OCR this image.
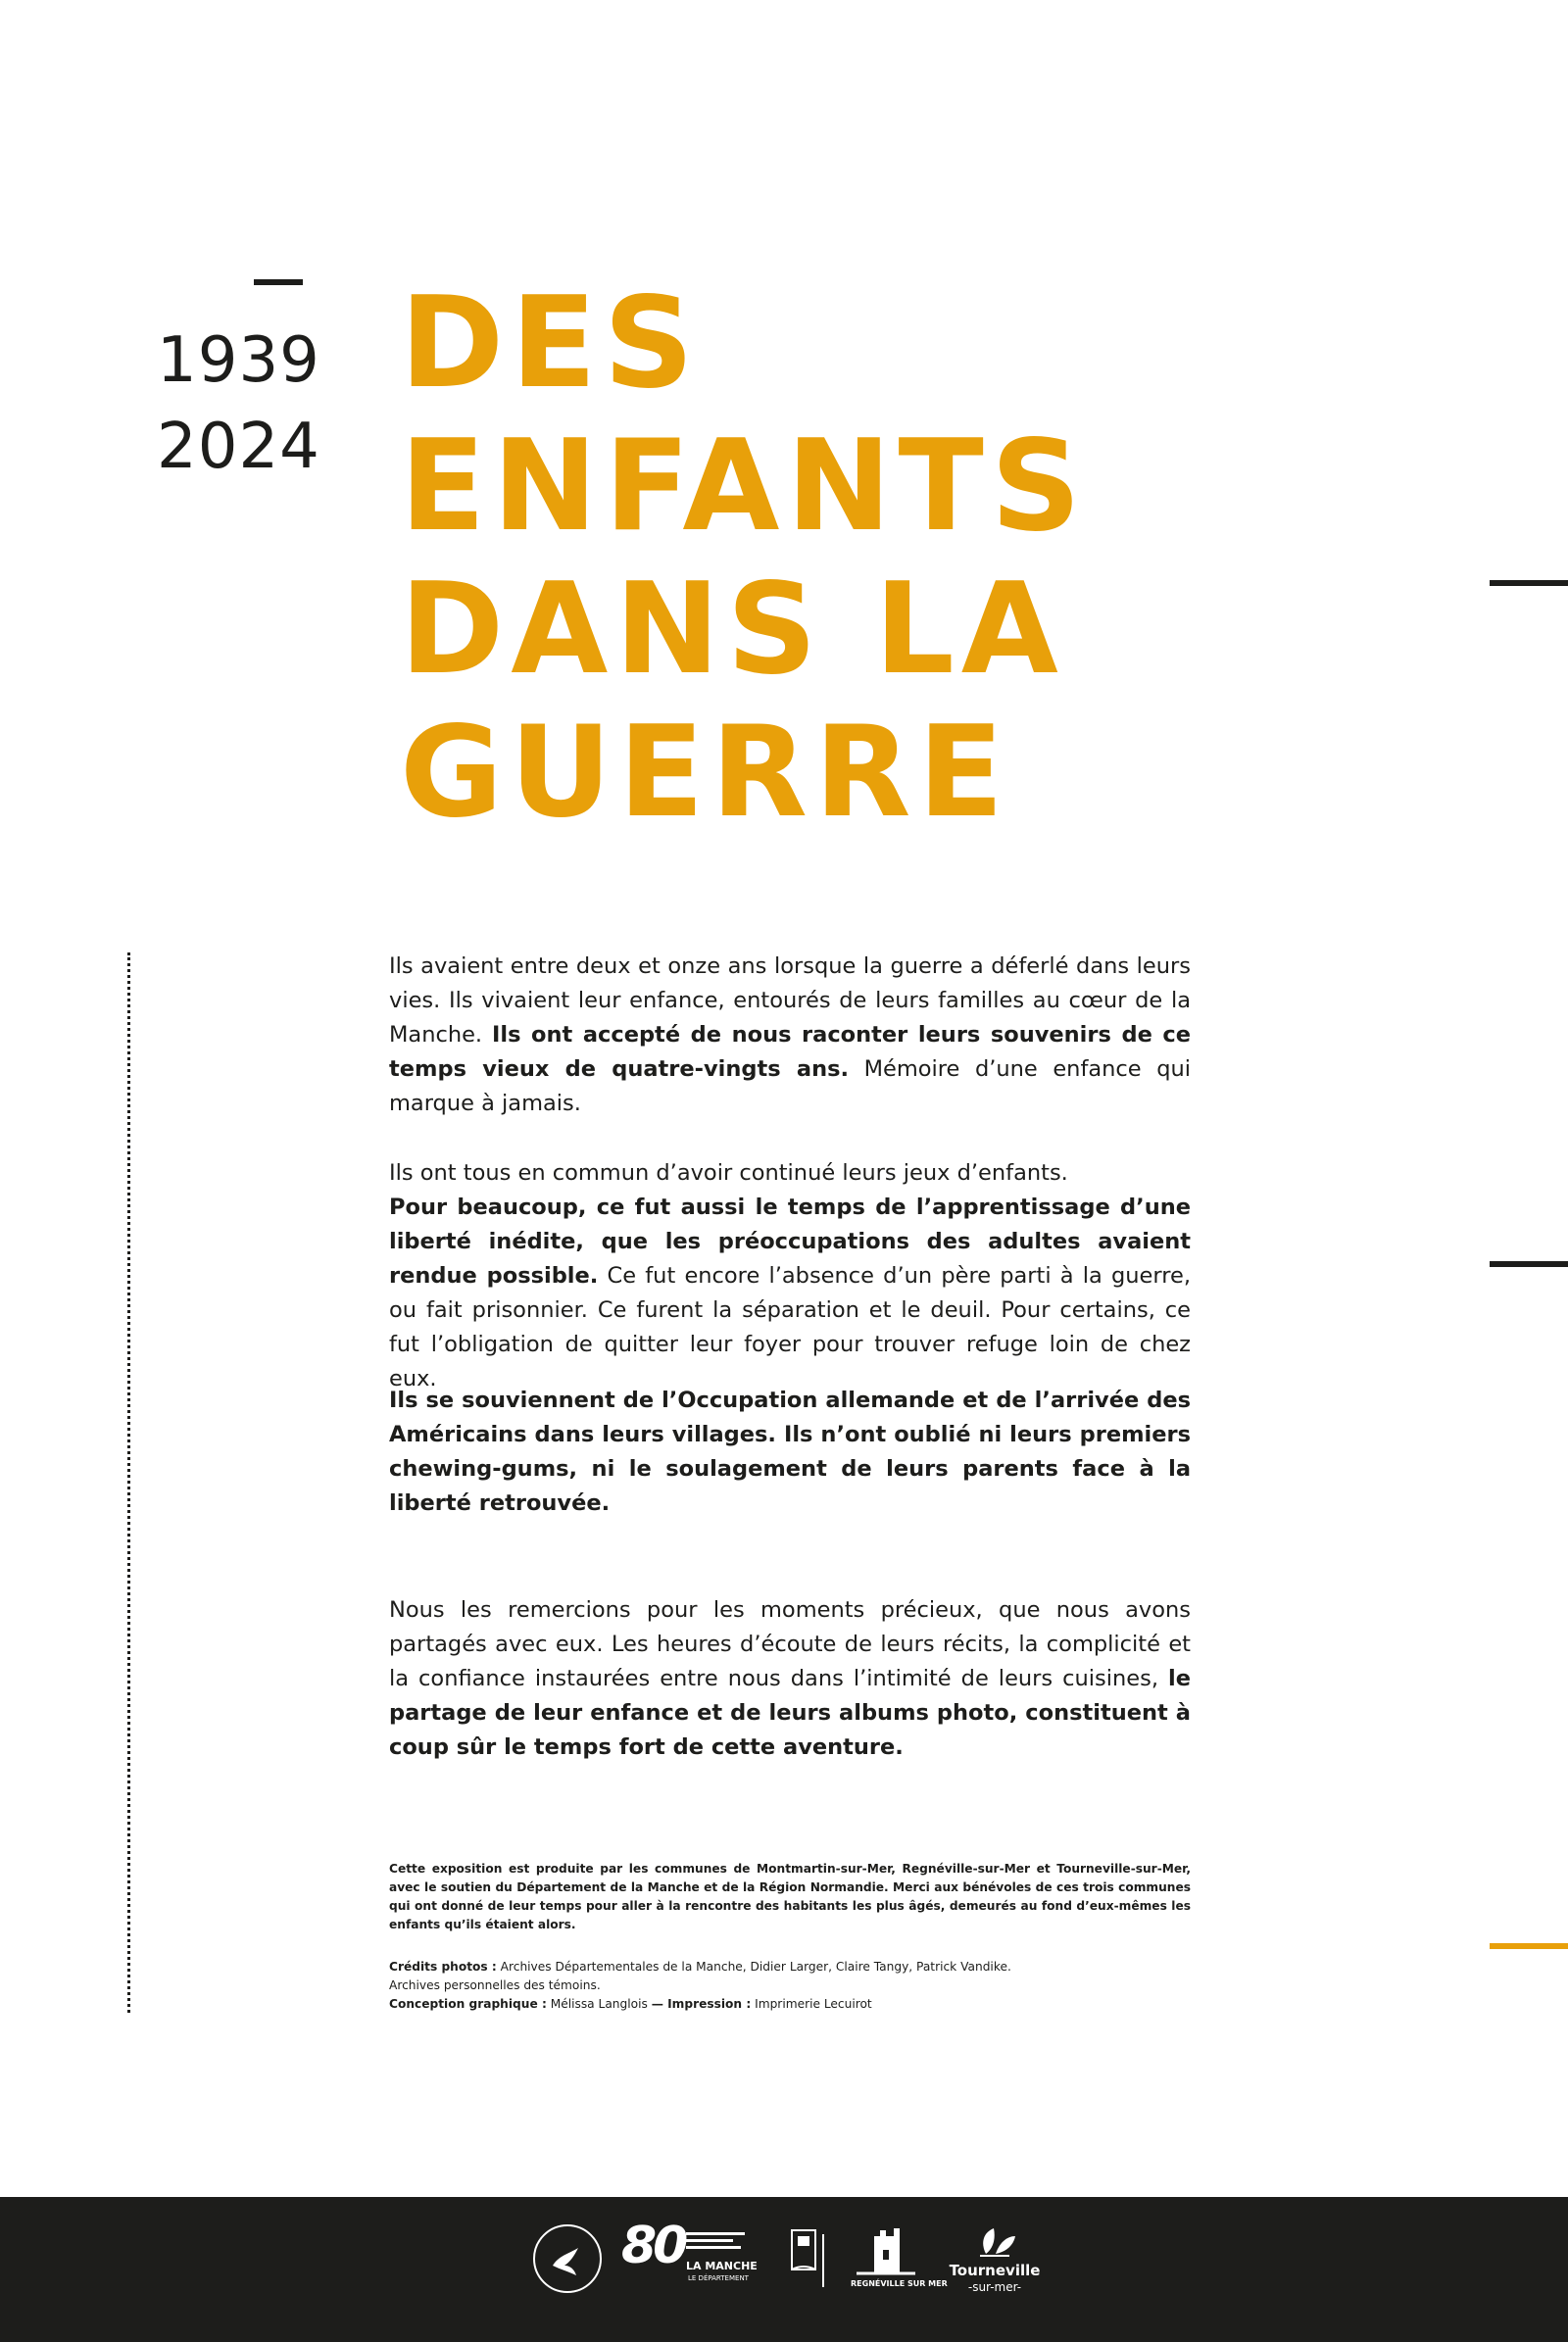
1939
2024
DES
ENFANTS
DANS LA
GUERRE

Ils avaient entre deux et onze ans lorsque la guerre a déferlé dans leurs vies. Ils vivaient leur enfance, entourés de leurs familles au cœur de la Manche. Ils ont accepté de nous raconter leurs souvenirs de ce temps vieux de quatre-vingts ans. Mémoire d’une enfance qui marque à jamais.

Ils ont tous en commun d’avoir continué leurs jeux d’enfants.
Pour beaucoup, ce fut aussi le temps de l’apprentissage d’une liberté inédite, que les préoccupations des adultes avaient rendue possible. Ce fut encore l’absence d’un père parti à la guerre, ou fait prisonnier. Ce furent la séparation et le deuil. Pour certains, ce fut l’obligation de quitter leur foyer pour trouver refuge loin de chez eux.

Ils se souviennent de l’Occupation allemande et de l’arrivée des Américains dans leurs villages. Ils n’ont oublié ni leurs premiers chewing-gums, ni le soulagement de leurs parents face à la liberté retrouvée.

Nous les remercions pour les moments précieux, que nous avons partagés avec eux. Les heures d’écoute de leurs récits, la complicité et la confiance instaurées entre nous dans l’intimité de leurs cuisines, le partage de leur enfance et de leurs albums photo, constituent à coup sûr le temps fort de cette aventure.

Cette exposition est produite par les communes de Montmartin-sur-Mer, Regnéville-sur-Mer et Tourneville-sur-Mer, avec le soutien du Département de la Manche et de la Région Normandie. Merci aux bénévoles de ces trois communes qui ont donné de leur temps pour aller à la rencontre des habitants les plus âgés, demeurés au fond d’eux-mêmes les enfants qu’ils étaient alors.

Crédits photos : Archives Départementales de la Manche, Didier Larger, Claire Tangy, Patrick Vandike.
Archives personnelles des témoins.
Conception graphique : Mélissa Langlois — Impression : Imprimerie Lecuirot
80 LA MANCHE
LE DÉPARTEMENT
REGNÉVILLE SUR MER
Tourneville
-sur-mer-
